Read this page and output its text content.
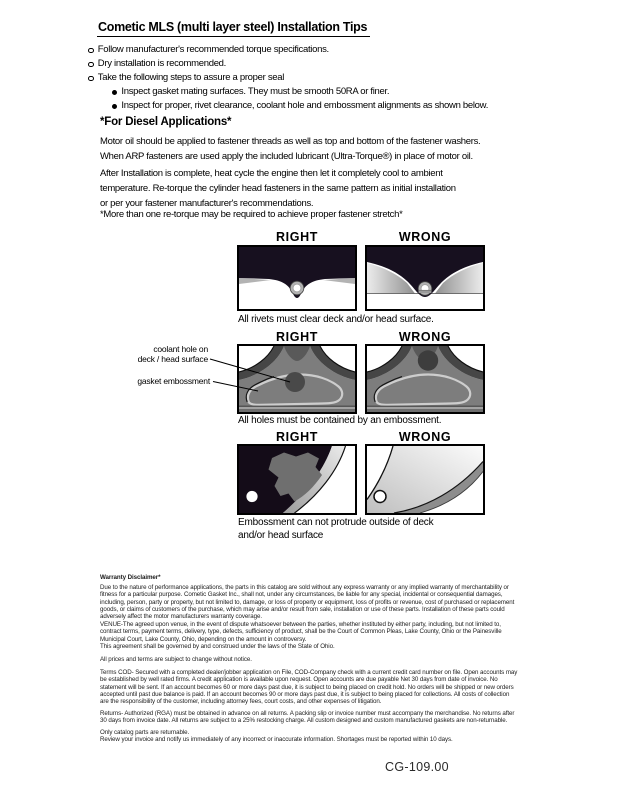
Cometic MLS (multi layer steel) Installation Tips
Follow manufacturer's recommended torque specifications.
Dry installation is recommended.
Take the following steps to assure a proper seal
Inspect gasket mating surfaces. They must be smooth 50RA or finer.
Inspect for proper, rivet clearance, coolant hole and embossment alignments as shown below.
*For Diesel Applications*
Motor oil should be applied to fastener threads as well as top and bottom of the fastener washers.
When ARP fasteners are used apply the included lubricant (Ultra-Torque®) in place of motor oil.
After Installation is complete, heat cycle the engine then let it completely cool to ambient
temperature. Re-torque the cylinder head fasteners in the same pattern as initial installation
or per your fastener manufacturer's recommendations.
*More than one re-torque may be required to achieve proper fastener stretch*
RIGHT	WRONG
All rivets must clear deck and/or head surface.
RIGHT	WRONG
coolant hole on
deck / head surface
gasket embossment
All holes must be contained by an embossment.
RIGHT	WRONG
Embossment can not protrude outside of deck
and/or head surface
Warranty Disclaimer*
Due to the nature of performance applications, the parts in this catalog are sold without any express warranty or any implied warranty of merchantability or
fitness for a particular purpose. Cometic Gasket Inc., shall not, under any circumstances, be liable for any special, incidental or consequential damages,
including, person, party or property, but not limited to, damage, or loss of property or equipment, loss of profits or revenue, cost of purchased or replacement
goods, or claims of customers of the purchase, which may arise and/or result from sale, installation or use of these parts. Installation of these parts could
adversely affect the motor manufacturers warranty coverage.
VENUE-The agreed upon venue, in the event of dispute whatsoever between the parties, whether instituted by either party, including, but not limited to,
contract terms, payment terms, delivery, type, defects, sufficiency of product, shall be the Court of Common Pleas, Lake County, Ohio or the Painesville
Municipal Court, Lake County, Ohio, depending on the amount in controversy.
This agreement shall be governed by and construed under the laws of the State of Ohio.
All prices and terms are subject to change without notice.
Terms COD- Secured with a completed dealer/jobber application on File, COD-Company check with a current credit card number on file. Open accounts may
be established by well rated firms. A credit application is available upon request. Open accounts are due payable Net 30 days from date of invoice. No
statement will be sent. If an account becomes 60 or more days past due, it is subject to being placed on credit hold. No orders will be shipped or new orders
accepted until past due balance is paid. If an account becomes 90 or more days past due, it is subject to being placed for collections. All costs of collection
are the responsibility of the customer, including attorney fees, court costs, and other expenses of litigation.
Returns- Authorized (RGA) must be obtained in advance on all returns. A packing slip or invoice number must accompany the merchandise. No returns after
30 days from invoice date. All returns are subject to a 25% restocking charge. All custom designed and custom manufactured gaskets are non-returnable.
Only catalog parts are returnable.
Review your invoice and notify us immediately of any incorrect or inaccurate information. Shortages must be reported within 10 days.
CG-109.00
